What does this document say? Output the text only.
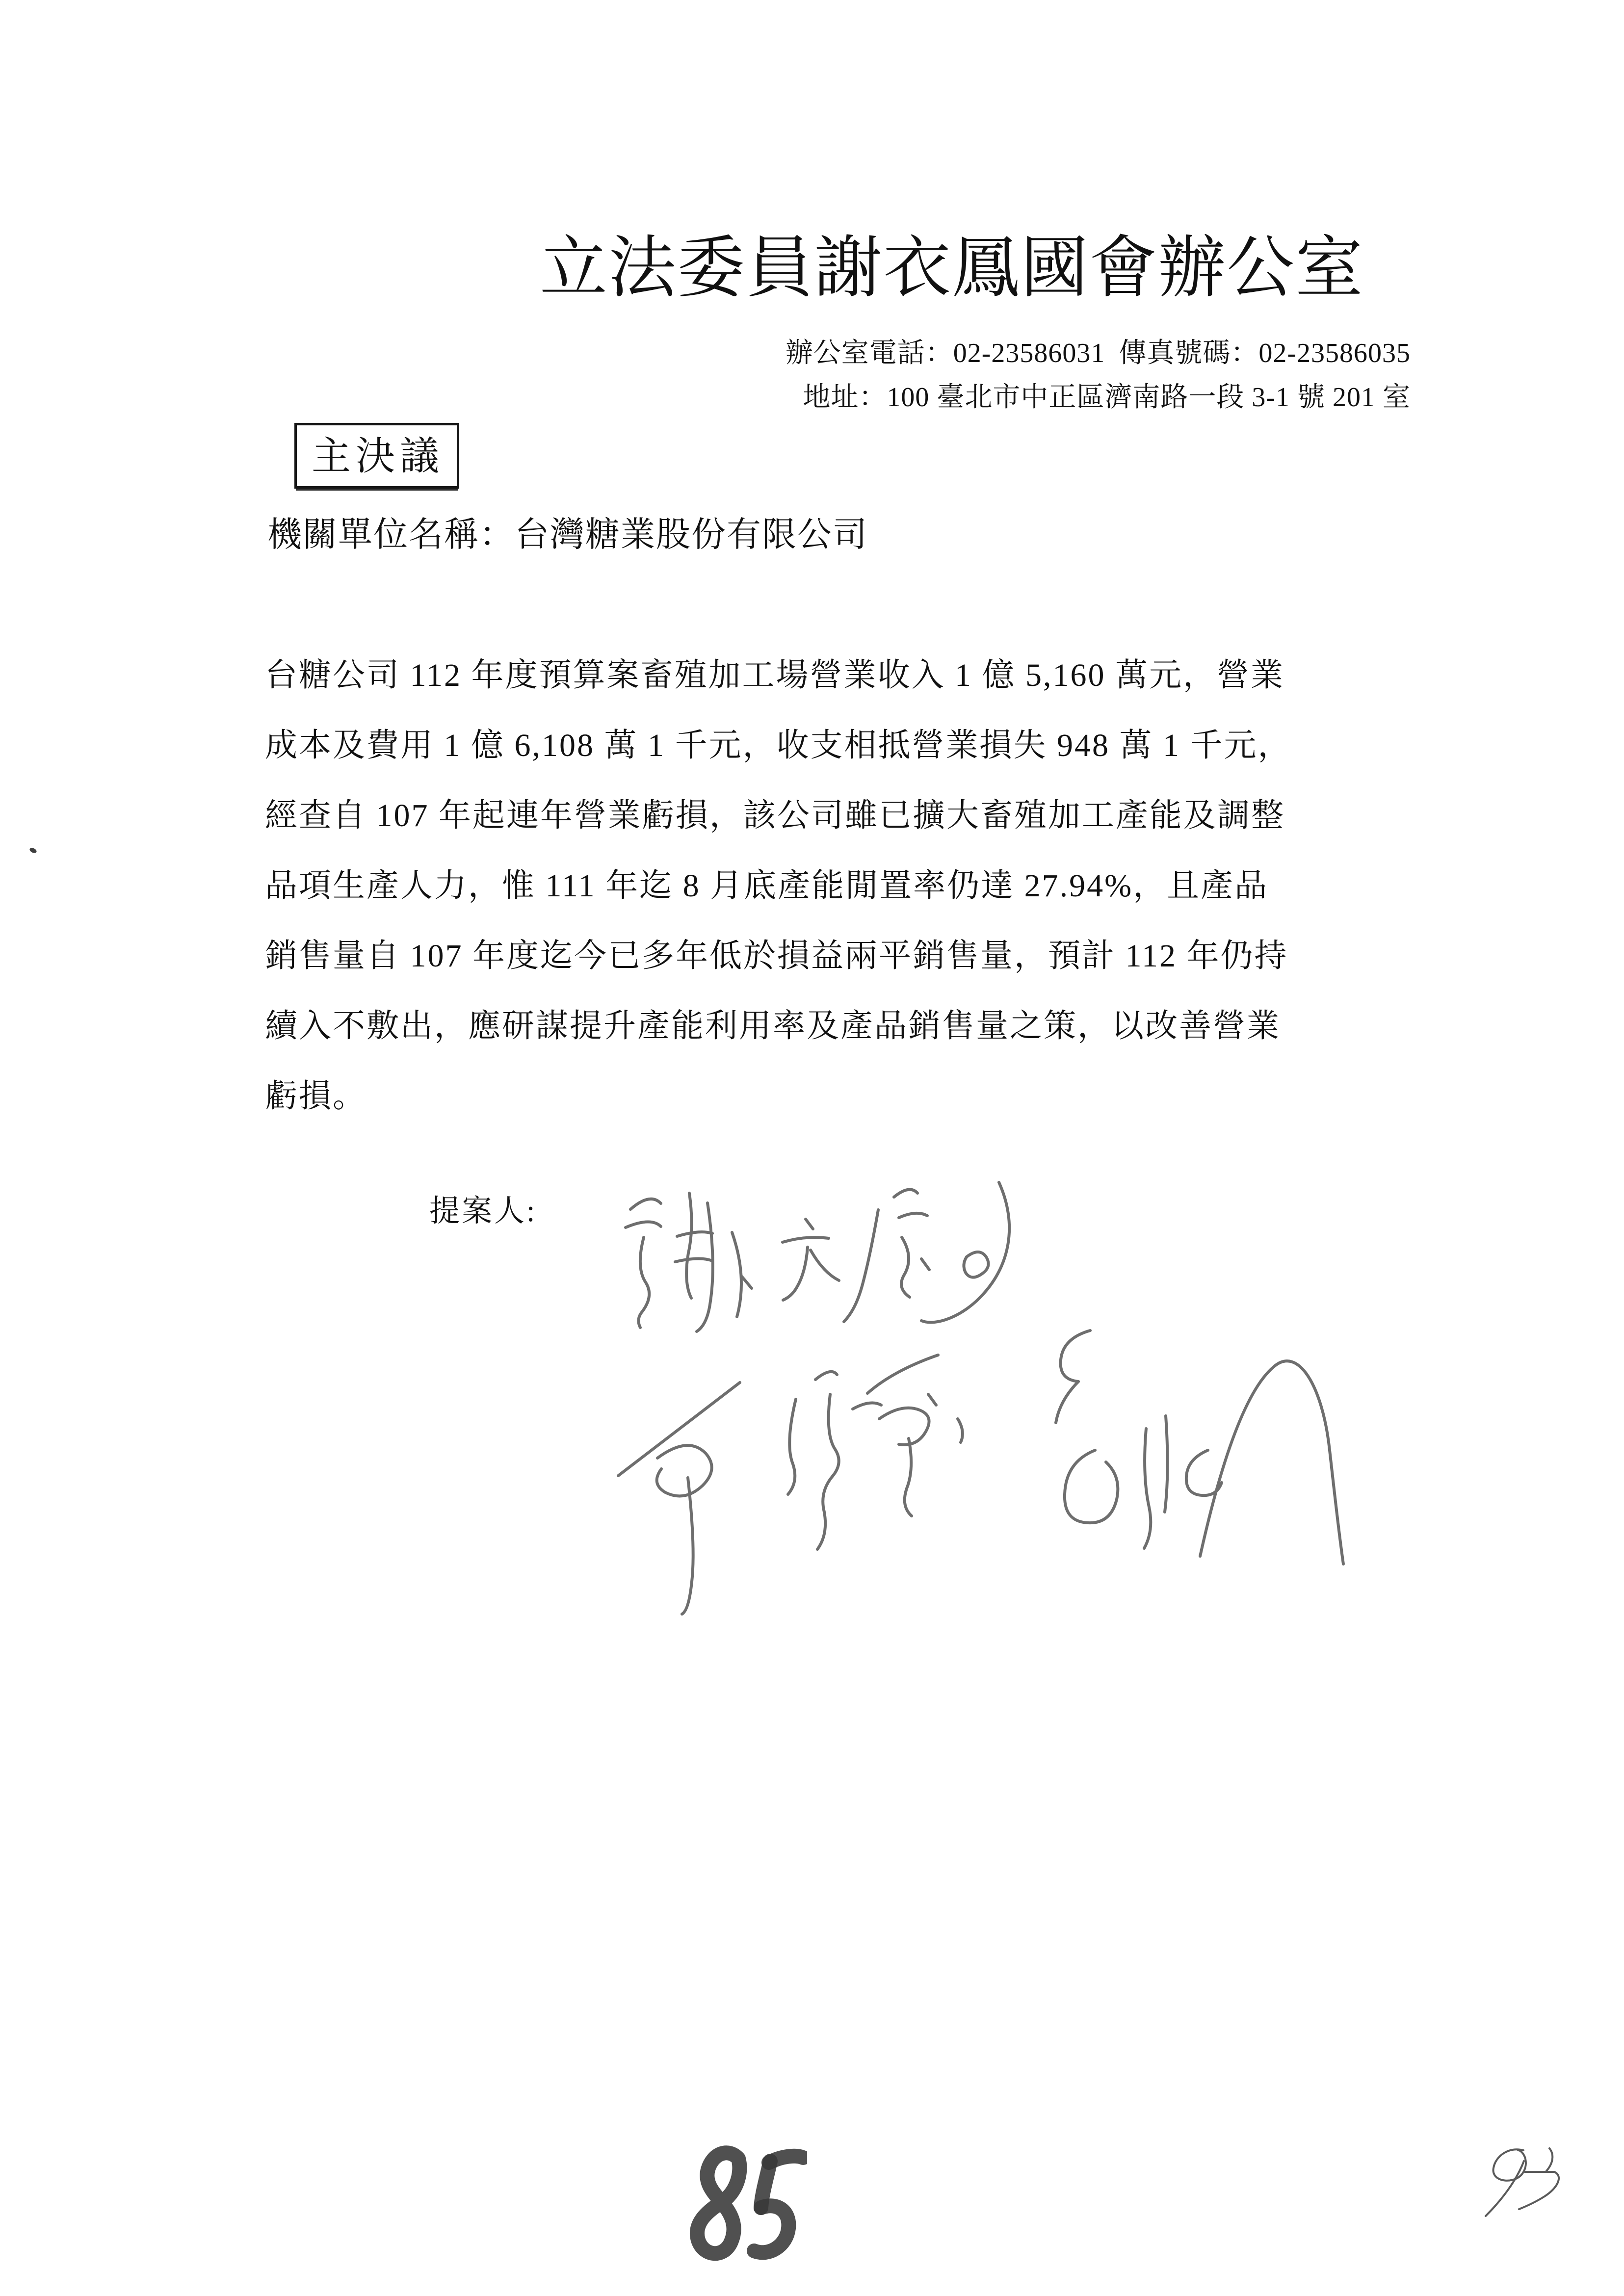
立法委員謝衣鳳國會辦公室
辦公室電話：02-23586031 傳真號碼：02-23586035
地址：100 臺北市中正區濟南路一段 3-1 號 201 室
主決議
機關單位名稱：台灣糖業股份有限公司
台糖公司 112 年度預算案畜殖加工場營業收入 1 億 5,160 萬元，營業
成本及費用 1 億 6,108 萬 1 千元，收支相抵營業損失 948 萬 1 千元，
經查自 107 年起連年營業虧損，該公司雖已擴大畜殖加工產能及調整
品項生產人力，惟 111 年迄 8 月底產能閒置率仍達 27.94%，且產品
銷售量自 107 年度迄今已多年低於損益兩平銷售量，預計 112 年仍持
續入不敷出，應研謀提升產能利用率及產品銷售量之策，以改善營業
虧損。
提案人:
